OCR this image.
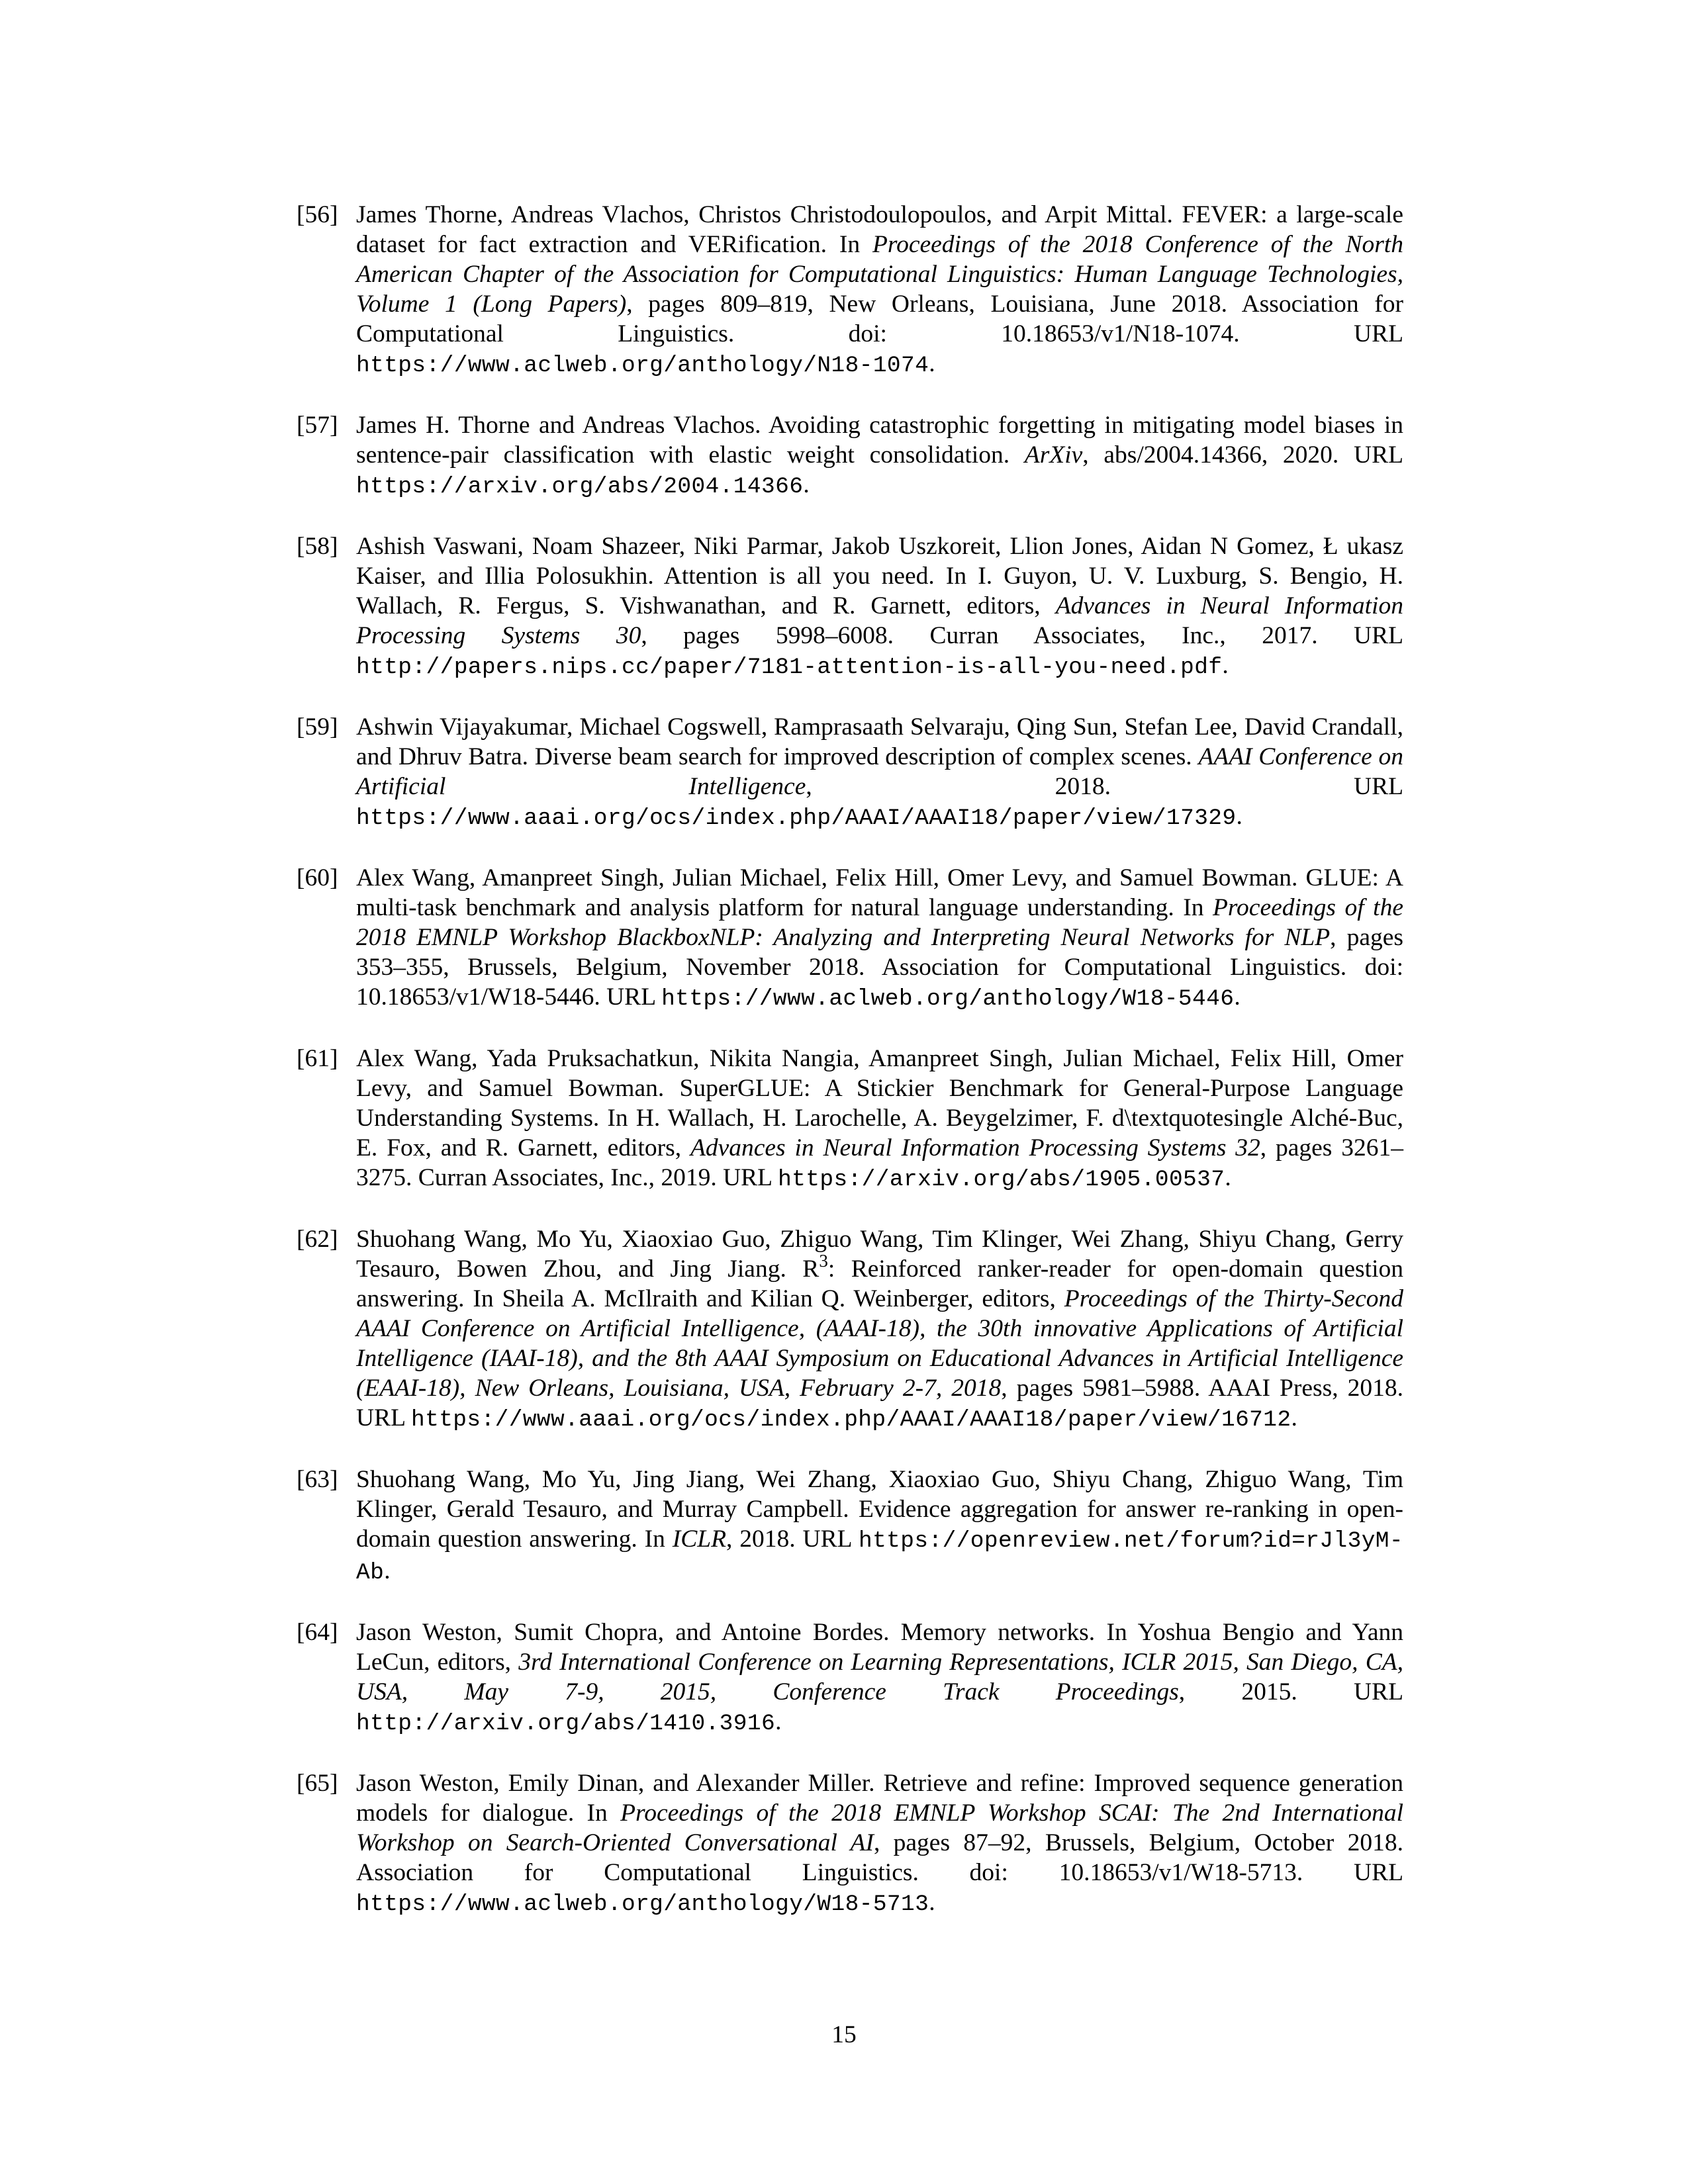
[56] James Thorne, Andreas Vlachos, Christos Christodoulopoulos, and Arpit Mittal. FEVER: a large-scale dataset for fact extraction and VERification. In Proceedings of the 2018 Conference of the North American Chapter of the Association for Computational Linguistics: Human Language Technologies, Volume 1 (Long Papers), pages 809–819, New Orleans, Louisiana, June 2018. Association for Computational Linguistics. doi: 10.18653/v1/N18-1074. URL https://www.aclweb.org/anthology/N18-1074.
[57] James H. Thorne and Andreas Vlachos. Avoiding catastrophic forgetting in mitigating model biases in sentence-pair classification with elastic weight consolidation. ArXiv, abs/2004.14366, 2020. URL https://arxiv.org/abs/2004.14366.
[58] Ashish Vaswani, Noam Shazeer, Niki Parmar, Jakob Uszkoreit, Llion Jones, Aidan N Gomez, Ł ukasz Kaiser, and Illia Polosukhin. Attention is all you need. In I. Guyon, U. V. Luxburg, S. Bengio, H. Wallach, R. Fergus, S. Vishwanathan, and R. Garnett, editors, Advances in Neural Information Processing Systems 30, pages 5998–6008. Curran Associates, Inc., 2017. URL http://papers.nips.cc/paper/7181-attention-is-all-you-need.pdf.
[59] Ashwin Vijayakumar, Michael Cogswell, Ramprasaath Selvaraju, Qing Sun, Stefan Lee, David Crandall, and Dhruv Batra. Diverse beam search for improved description of complex scenes. AAAI Conference on Artificial Intelligence, 2018. URL https://www.aaai.org/ocs/index.php/AAAI/AAAI18/paper/view/17329.
[60] Alex Wang, Amanpreet Singh, Julian Michael, Felix Hill, Omer Levy, and Samuel Bowman. GLUE: A multi-task benchmark and analysis platform for natural language understanding. In Proceedings of the 2018 EMNLP Workshop BlackboxNLP: Analyzing and Interpreting Neural Networks for NLP, pages 353–355, Brussels, Belgium, November 2018. Association for Computational Linguistics. doi: 10.18653/v1/W18-5446. URL https://www.aclweb.org/anthology/W18-5446.
[61] Alex Wang, Yada Pruksachatkun, Nikita Nangia, Amanpreet Singh, Julian Michael, Felix Hill, Omer Levy, and Samuel Bowman. SuperGLUE: A Stickier Benchmark for General-Purpose Language Understanding Systems. In H. Wallach, H. Larochelle, A. Beygelzimer, F. d\textquotesingle Alché-Buc, E. Fox, and R. Garnett, editors, Advances in Neural Information Processing Systems 32, pages 3261–3275. Curran Associates, Inc., 2019. URL https://arxiv.org/abs/1905.00537.
[62] Shuohang Wang, Mo Yu, Xiaoxiao Guo, Zhiguo Wang, Tim Klinger, Wei Zhang, Shiyu Chang, Gerry Tesauro, Bowen Zhou, and Jing Jiang. $R^3$: Reinforced ranker-reader for open-domain question answering. In Sheila A. McIlraith and Kilian Q. Weinberger, editors, Proceedings of the Thirty-Second AAAI Conference on Artificial Intelligence, (AAAI-18), the 30th innovative Applications of Artificial Intelligence (IAAI-18), and the 8th AAAI Symposium on Educational Advances in Artificial Intelligence (EAAI-18), New Orleans, Louisiana, USA, February 2-7, 2018, pages 5981–5988. AAAI Press, 2018. URL https://www.aaai.org/ocs/index.php/AAAI/AAAI18/paper/view/16712.
[63] Shuohang Wang, Mo Yu, Jing Jiang, Wei Zhang, Xiaoxiao Guo, Shiyu Chang, Zhiguo Wang, Tim Klinger, Gerald Tesauro, and Murray Campbell. Evidence aggregation for answer re-ranking in open-domain question answering. In ICLR, 2018. URL https://openreview.net/forum?id=rJl3yM-Ab.
[64] Jason Weston, Sumit Chopra, and Antoine Bordes. Memory networks. In Yoshua Bengio and Yann LeCun, editors, 3rd International Conference on Learning Representations, ICLR 2015, San Diego, CA, USA, May 7-9, 2015, Conference Track Proceedings, 2015. URL http://arxiv.org/abs/1410.3916.
[65] Jason Weston, Emily Dinan, and Alexander Miller. Retrieve and refine: Improved sequence generation models for dialogue. In Proceedings of the 2018 EMNLP Workshop SCAI: The 2nd International Workshop on Search-Oriented Conversational AI, pages 87–92, Brussels, Belgium, October 2018. Association for Computational Linguistics. doi: 10.18653/v1/W18-5713. URL https://www.aclweb.org/anthology/W18-5713.
15
